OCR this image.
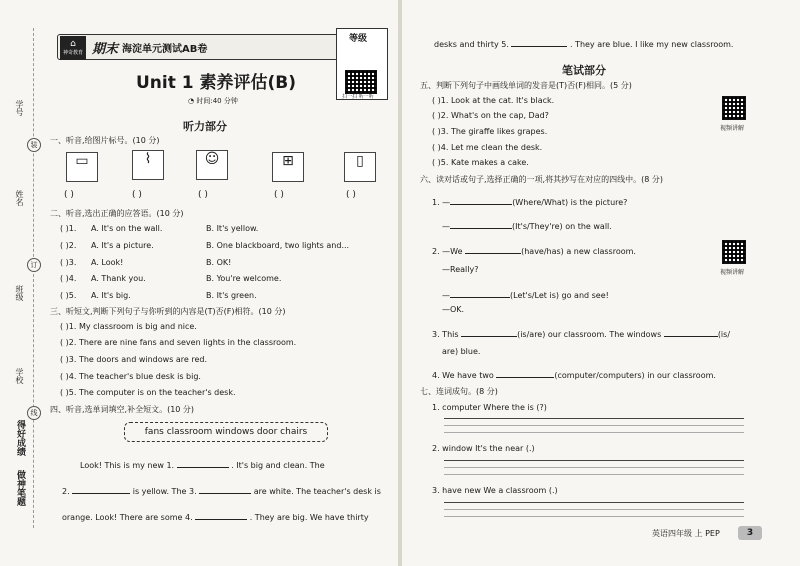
学号
姓名
班级
学校
装
订
线
得好成绩
做神笔题
⌂
神奇教育 期末 海淀单元测试AB卷
等级
扫一扫 听一听
Unit 1 素养评估(B)
◔ 时间:40 分钟
听力部分
一、听音,给图片标号。(10 分)
▭	⌇	☺	⊞	▯
( )	( )	( )	( )	( )
二、听音,选出正确的应答语。(10 分)
( )1. A. It's on the wall.	B. It's yellow.
( )2. A. It's a picture.	B. One blackboard, two lights and...
( )3. A. Look!	B. OK!
( )4. A. Thank you.	B. You're welcome.
( )5. A. It's big.	B. It's green.
三、听短文,判断下列句子与你听到的内容是(T)否(F)相符。(10 分)
( )1. My classroom is big and nice.
( )2. There are nine fans and seven lights in the classroom.
( )3. The doors and windows are red.
( )4. The teacher's blue desk is big.
( )5. The computer is on the teacher's desk.
四、听音,选单词填空,补全短文。(10 分)
fans classroom windows door chairs
Look! This is my new 1.	. It's big and clean. The
2.	is yellow. The 3.	are white. The teacher's desk is
orange. Look! There are some 4.	. They are big. We have thirty
desks and thirty 5.	. They are blue. I like my new classroom.
笔试部分
五、判断下列句子中画线单词的发音是(T)否(F)相同。(5 分)
( )1. Look at the cat. It's black.
( )2. What's on the cap, Dad?
( )3. The giraffe likes grapes.
( )4. Let me clean the desk.
( )5. Kate makes a cake.
视频讲解
六、读对话或句子,选择正确的一项,将其抄写在对应的四线中。(8 分)
1. —	(Where/What) is the picture?
—	(It's/They're) on the wall.
2. —We	(have/has) a new classroom.
视频讲解
—Really?
—	(Let's/Let is) go and see!
—OK.
3. This	(is/are) our classroom. The windows	(is/
are) blue.
4. We have two	(computer/computers) in our classroom.
七、连词成句。(8 分)
1. computer Where the is (?)
2. window It's the near (.)
3. have new We a classroom (.)
英语四年级 上 PEP	3
